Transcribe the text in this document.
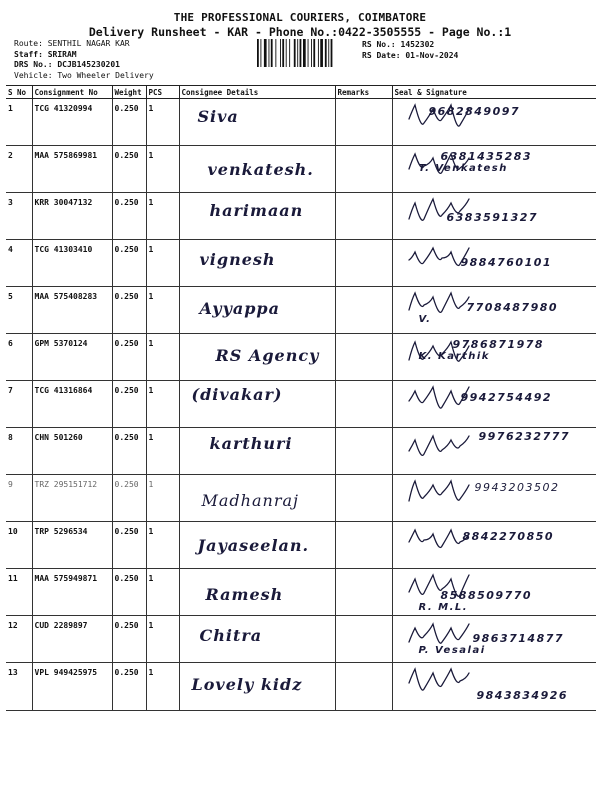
THE PROFESSIONAL COURIERS, COIMBATORE
Delivery Runsheet - KAR - Phone No.:0422-3505555 - Page No.:1
Route: SENTHIL NAGAR KAR
Staff: SRIRAM
DRS No.: DCJB145230201
Vehicle: Two Wheeler Delivery
RS No.: 1452302
RS Date: 01-Nov-2024
S No	Consignment No	Weight	PCS	Consignee Details	Remarks	Seal & Signature
1	TCG 41320994	0.250	1	Siva		9682849097

2	MAA 575869981	0.250	1	venkatesh.		6381435283
T. Venkatesh

3	KRR 30047132	0.250	1	harimaan		6383591327

4	TCG 41303410	0.250	1	vignesh		9884760101

5	MAA 575408283	0.250	1	Ayyappa		7708487980
V.

6	GPM 5370124	0.250	1	RS Agency		9786871978
K. Karthik

7	TCG 41316864	0.250	1	(divakar)		9942754492

8	CHN 501260	0.250	1	karthuri		9976232777

9	TRZ 295151712	0.250	1	Madhanraj		9943203502

10	TRP 5296534	0.250	1	Jayaseelan.		8842270850

11	MAA 575949871	0.250	1	Ramesh		8588509770
R. M.L.

12	CUD 2289897	0.250	1	Chitra		9863714877
P. Vesalai

13	VPL 949425975	0.250	1	Lovely kidz		9843834926
